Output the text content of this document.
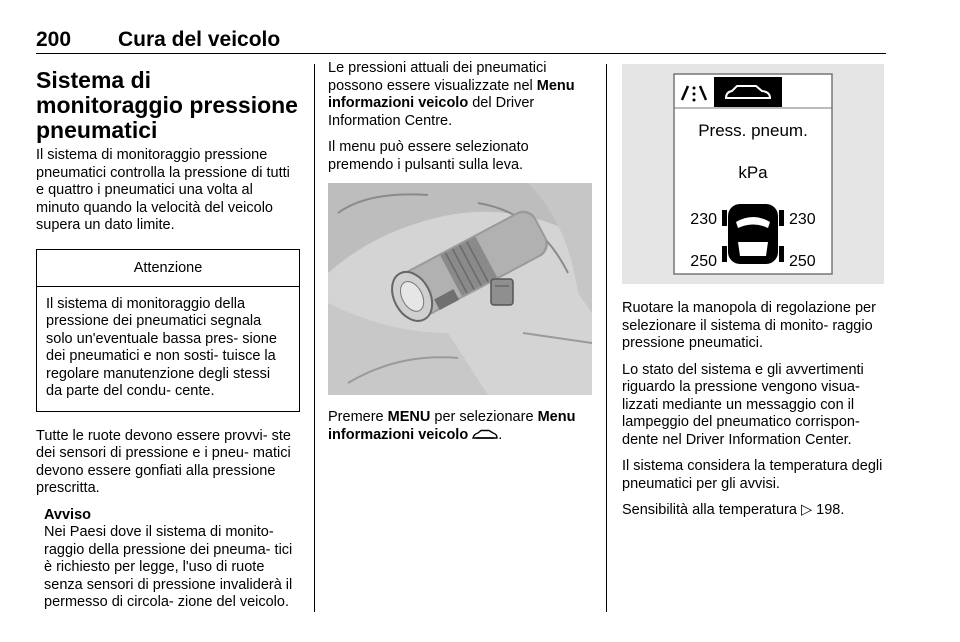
200 Cura del veicolo
Sistema di monitoraggio pressione pneumatici

Il sistema di monitoraggio pressione pneumatici controlla la pressione di tutti e quattro i pneumatici una volta al minuto quando la velocità del veicolo supera un dato limite.

Attenzione
Il sistema di monitoraggio della pressione dei pneumatici segnala solo un'eventuale bassa pres- sione dei pneumatici e non sosti- tuisce la regolare manutenzione degli stessi da parte del condu- cente.

Tutte le ruote devono essere provvi- ste dei sensori di pressione e i pneu- matici devono essere gonfiati alla pressione prescritta.

Avviso
Nei Paesi dove il sistema di monito- raggio della pressione dei pneuma- tici è richiesto per legge, l'uso di ruote senza sensori di pressione invaliderà il permesso di circola- zione del veicolo.

Le pressioni attuali dei pneumatici possono essere visualizzate nel Menu informazioni veicolo del Driver Information Centre.

Il menu può essere selezionato premendo i pulsanti sulla leva.

Premere MENU per selezionare Menu informazioni veicolo .

Press. pneum.
kPa
230	230
250	250

Ruotare la manopola di regolazione per selezionare il sistema di monito- raggio pressione pneumatici.

Lo stato del sistema e gli avvertimenti riguardo la pressione vengono visua- lizzati mediante un messaggio con il lampeggio del pneumatico corrispon- dente nel Driver Information Center.

Il sistema considera la temperatura degli pneumatici per gli avvisi.

Sensibilità alla temperatura ▷ 198.
